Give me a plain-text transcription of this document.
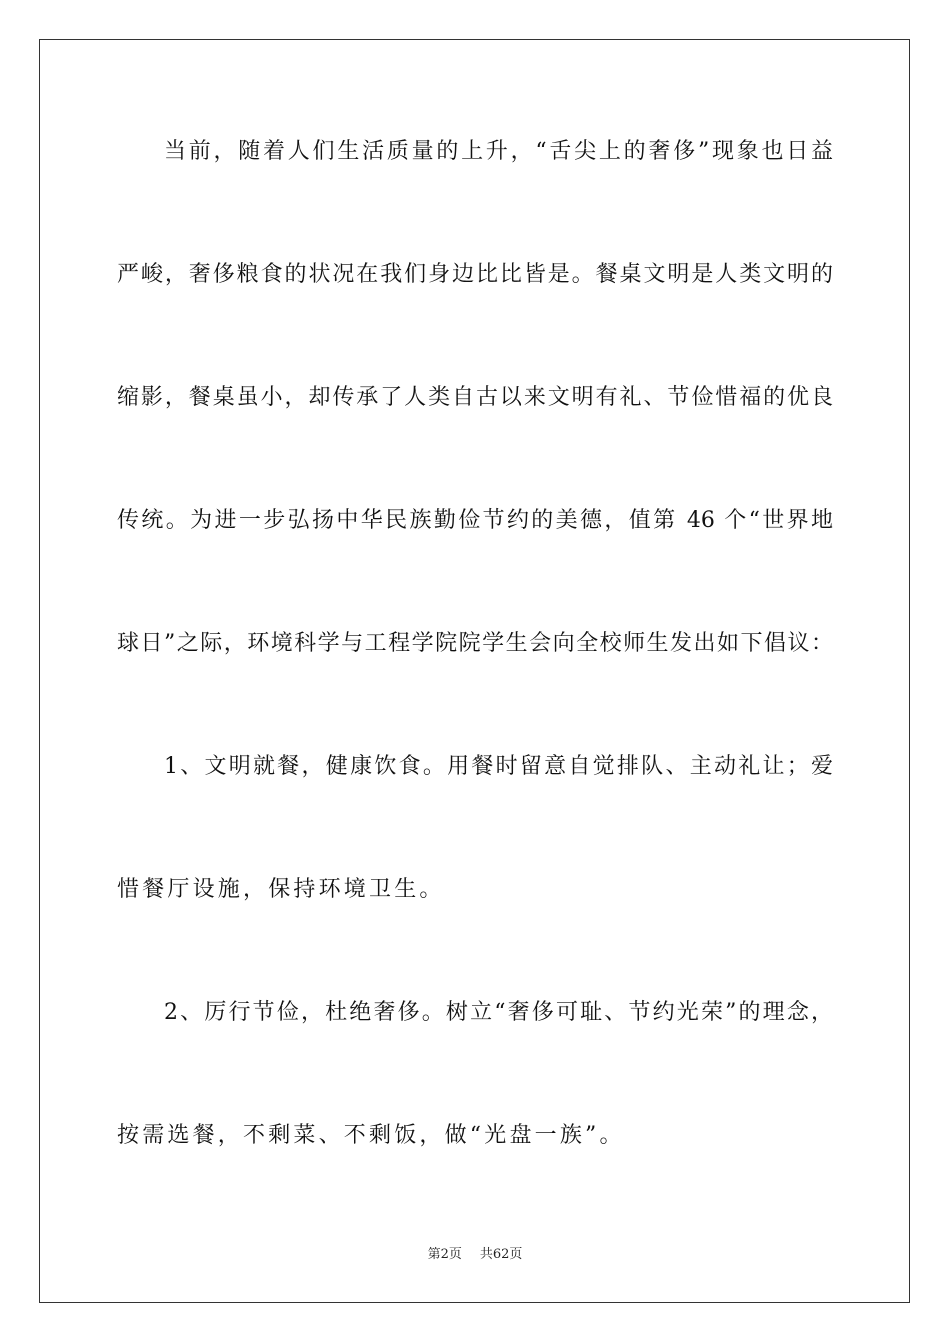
当前，随着人们生活质量的上升，“舌尖上的奢侈”现象也日益
严峻，奢侈粮食的状况在我们身边比比皆是。餐桌文明是人类文明的
缩影，餐桌虽小，却传承了人类自古以来文明有礼、节俭惜福的优良
传统。为进一步弘扬中华民族勤俭节约的美德，值第 46 个“世界地
球日”之际，环境科学与工程学院院学生会向全校师生发出如下倡议：
1、文明就餐，健康饮食。用餐时留意自觉排队、主动礼让；爱
惜餐厅设施，保持环境卫生。
2、厉行节俭，杜绝奢侈。树立“奢侈可耻、节约光荣”的理念，
按需选餐，不剩菜、不剩饭，做“光盘一族”。
第2页 共62页
